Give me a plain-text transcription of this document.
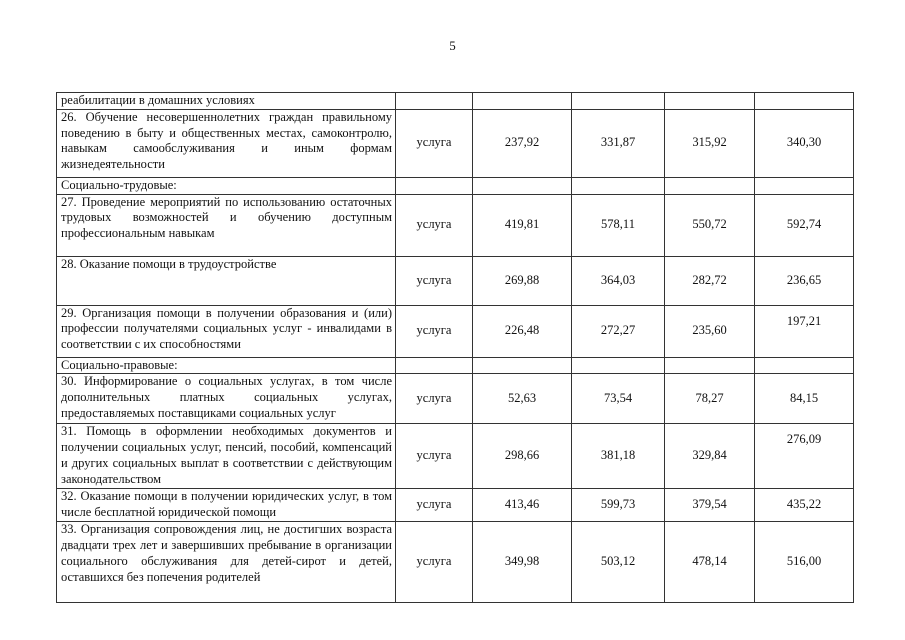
5
реабилитации в домашних условиях					
26. Обучение несовершеннолетних граждан правильному поведению в быту и общественных местах, самоконтролю, навыкам самообслуживания и иным формам жизнедеятельности	услуга	237,92	331,87	315,92	340,30
Социально-трудовые:					
27. Проведение мероприятий по использованию остаточных трудовых возможностей и обучению доступным профессиональным навыкам	услуга	419,81	578,11	550,72	592,74
28. Оказание помощи в трудоустройстве	услуга	269,88	364,03	282,72	236,65
29. Организация помощи в получении образования и (или) профессии получателями социальных услуг - инвалидами в соответствии с их способностями	услуга	226,48	272,27	235,60	197,21
Социально-правовые:					
30. Информирование о социальных услугах, в том числе дополнительных платных социальных услугах, предоставляемых поставщиками социальных услуг	услуга	52,63	73,54	78,27	84,15
31. Помощь в оформлении необходимых документов и получении социальных услуг, пенсий, пособий, компенсаций и других социальных выплат в соответствии с действующим законодательством	услуга	298,66	381,18	329,84	276,09
32. Оказание помощи в получении юридических услуг, в том числе бесплатной юридической помощи	услуга	413,46	599,73	379,54	435,22
33. Организация сопровождения лиц, не достигших возраста двадцати трех лет и завершивших пребывание в организации социального обслуживания для детей-сирот и детей, оставшихся без попечения родителей	услуга	349,98	503,12	478,14	516,00
